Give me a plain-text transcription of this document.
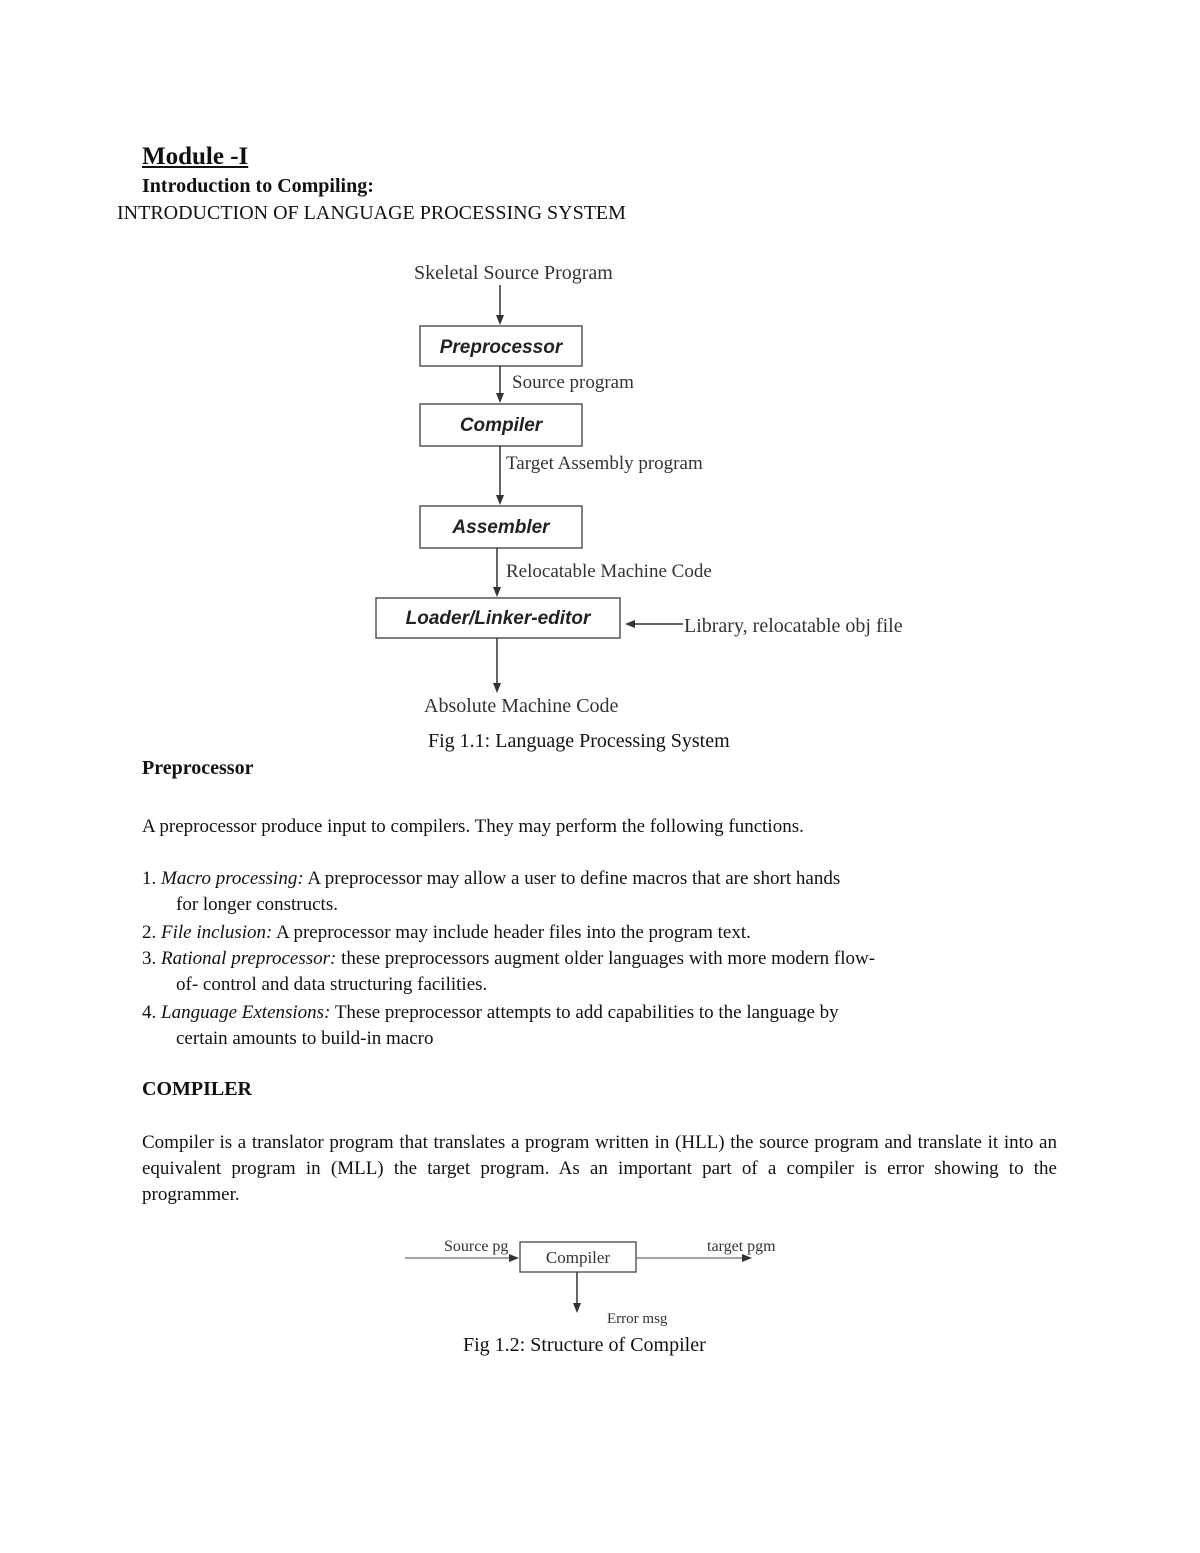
Module -I
Introduction to Compiling:
INTRODUCTION OF LANGUAGE PROCESSING SYSTEM
Skeletal Source Program
Preprocessor
Source program
Compiler
Target Assembly program
Assembler
Relocatable Machine Code
Loader/Linker-editor	Library, relocatable obj file
Absolute Machine Code
Fig 1.1: Language Processing System
Preprocessor
A preprocessor produce input to compilers. They may perform the following functions.
1. Macro processing: A preprocessor may allow a user to define macros that are short hands
for longer constructs.
2. File inclusion: A preprocessor may include header files into the program text.
3. Rational preprocessor: these preprocessors augment older languages with more modern flow-
of- control and data structuring facilities.
4. Language Extensions: These preprocessor attempts to add capabilities to the language by
certain amounts to build-in macro
COMPILER
Compiler is a translator program that translates a program written in (HLL) the source program and translate it into an equivalent program in (MLL) the target program. As an important part of a compiler is error showing to the programmer.
Source pg
Compiler
target pgm
Error msg
Fig 1.2: Structure of Compiler
